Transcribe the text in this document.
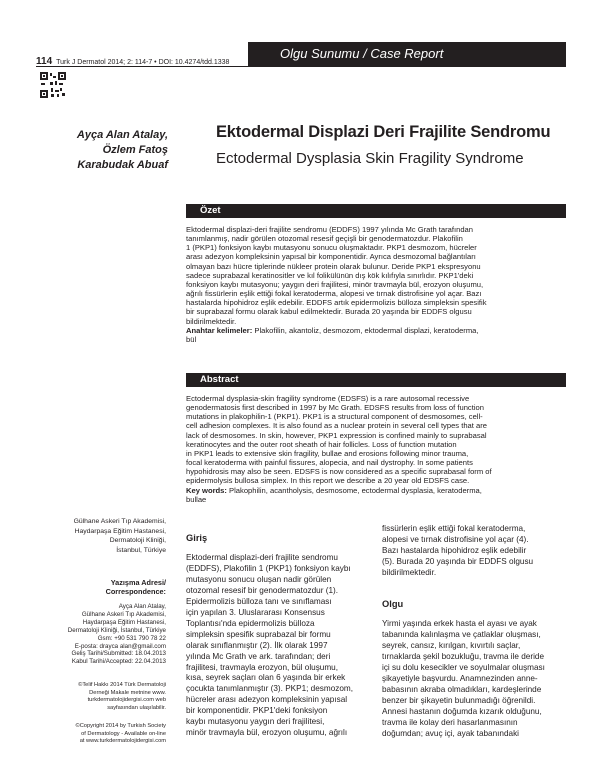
Olgu Sunumu / Case Report
114 Turk J Dermatol 2014; 2: 114-7 • DOI: 10.4274/tdd.1338
Ayça Alan Atalay,
Özlem Fatoş
Karabudak Abuaf
Ektodermal Displazi Deri Frajilite Sendromu
Ectodermal Dysplasia Skin Fragility Syndrome
Özet
Ektodermal displazi-deri frajilite sendromu (EDDFS) 1997 yılında Mc Grath tarafından
tanımlanmış, nadir görülen otozomal resesif geçişli bir genodermatozdur. Plakofilin
1 (PKP1) fonksiyon kaybı mutasyonu sonucu oluşmaktadır. PKP1 desmozom, hücreler
arası adezyon kompleksinin yapısal bir komponentidir. Ayrıca desmozomal bağlantıları
olmayan bazı hücre tiplerinde nükleer protein olarak bulunur. Deride PKP1 ekspresyonu
sadece suprabazal keratinositler ve kıl folikülünün dış kök kılıfıyla sınırlıdır. PKP1'deki
fonksiyon kaybı mutasyonu; yaygın deri frajilitesi, minör travmayla bül, erozyon oluşumu,
ağrılı fissürlerin eşlik ettiği fokal keratoderma, alopesi ve tırnak distrofisine yol açar. Bazı
hastalarda hipohidroz eşlik edebilir. EDDFS artık epidermolizis bülloza simpleksin spesifik
bir suprabazal formu olarak kabul edilmektedir. Burada 20 yaşında bir EDDFS olgusu
bildirilmektedir.
Anahtar kelimeler: Plakofilin, akantoliz, desmozom, ektodermal displazi, keratoderma,
bül
Abstract
Ectodermal dysplasia-skin fragility syndrome (EDSFS) is a rare autosomal recessive
genodermatosis first described in 1997 by Mc Grath. EDSFS results from loss of function
mutations in plakophilin-1 (PKP1). PKP1 is a structural component of desmosomes, cell-
cell adhesion complexes. It is also found as a nuclear protein in several cell types that are
lack of desmosomes. In skin, however, PKP1 expression is confined mainly to suprabasal
keratinocytes and the outer root sheath of hair follicles. Loss of function mutation
in PKP1 leads to extensive skin fragility, bullae and erosions following minor trauma,
focal keratoderma with painful fissures, alopecia, and nail dystrophy. In some patients
hypohidrosis may also be seen. EDSFS is now considered as a specific suprabasal form of
epidermolysis bullosa simplex. In this report we describe a 20 year old EDSFS case.
Key words: Plakophilin, acantholysis, desmosome, ectodermal dysplasia, keratoderma,
bullae
Gülhane Askeri Tıp Akademisi,
Haydarpaşa Eğitim Hastanesi,
Dermatoloji Kliniği,
İstanbul, Türkiye
Yazışma Adresi/
Correspondence:
Ayça Alan Atalay,
Gülhane Askeri Tıp Akademisi,
Haydarpaşa Eğitim Hastanesi,
Dermatoloji Kliniği, İstanbul, Türkiye
Gsm: +90 531 790 78 22
E-posta: drayca alan@gmail.com
Geliş Tarihi/Submitted: 18.04.2013
Kabul Tarihi/Accepted: 22.04.2013
©Telif Hakkı 2014 Türk Dermatoloji
Derneği Makale metnine www.
turkdermatolojidergisi.com web
sayfasından ulaşılabilir.
©Copyright 2014 by Turkish Society
of Dermatology - Available on-line
at www.turkdermatolojidergisi.com
Giriş
Ektodermal displazi-deri frajilite sendromu
(EDDFS), Plakofilin 1 (PKP1) fonksiyon kaybı
mutasyonu sonucu oluşan nadir görülen
otozomal resesif bir genodermatozdur (1).
Epidermolizis bülloza tanı ve sınıflaması
için yapılan 3. Uluslararası Konsensus
Toplantısı'nda epidermolizis bülloza
simpleksin spesifik suprabazal bir formu
olarak sınıflanmıştır (2). İlk olarak 1997
yılında Mc Grath ve ark. tarafından; deri
frajilitesi, travmayla erozyon, bül oluşumu,
kısa, seyrek saçları olan 6 yaşında bir erkek
çocukta tanımlanmıştır (3). PKP1; desmozom,
hücreler arası adezyon kompleksinin yapısal
bir komponentidir. PKP1'deki fonksiyon
kaybı mutasyonu yaygın deri frajilitesi,
minör travmayla bül, erozyon oluşumu, ağrılı
fissürlerin eşlik ettiği fokal keratoderma,
alopesi ve tırnak distrofisine yol açar (4).
Bazı hastalarda hipohidroz eşlik edebilir
(5). Burada 20 yaşında bir EDDFS olgusu
bildirilmektedir.
Olgu
Yirmi yaşında erkek hasta el ayası ve ayak
tabanında kalınlaşma ve çatlaklar oluşması,
seyrek, cansız, kırılgan, kıvırtılı saçlar,
tırnaklarda şekil bozukluğu, travma ile deride
içi su dolu kesecikler ve soyulmalar oluşması
şikayetiyle başvurdu. Anamnezinden anne-
babasının akraba olmadıkları, kardeşlerinde
benzer bir şikayetin bulunmadığı öğrenildi.
Annesi hastanın doğumda kızarık olduğunu,
travma ile kolay deri hasarlanmasının
doğumdan; avuç içi, ayak tabanındaki
